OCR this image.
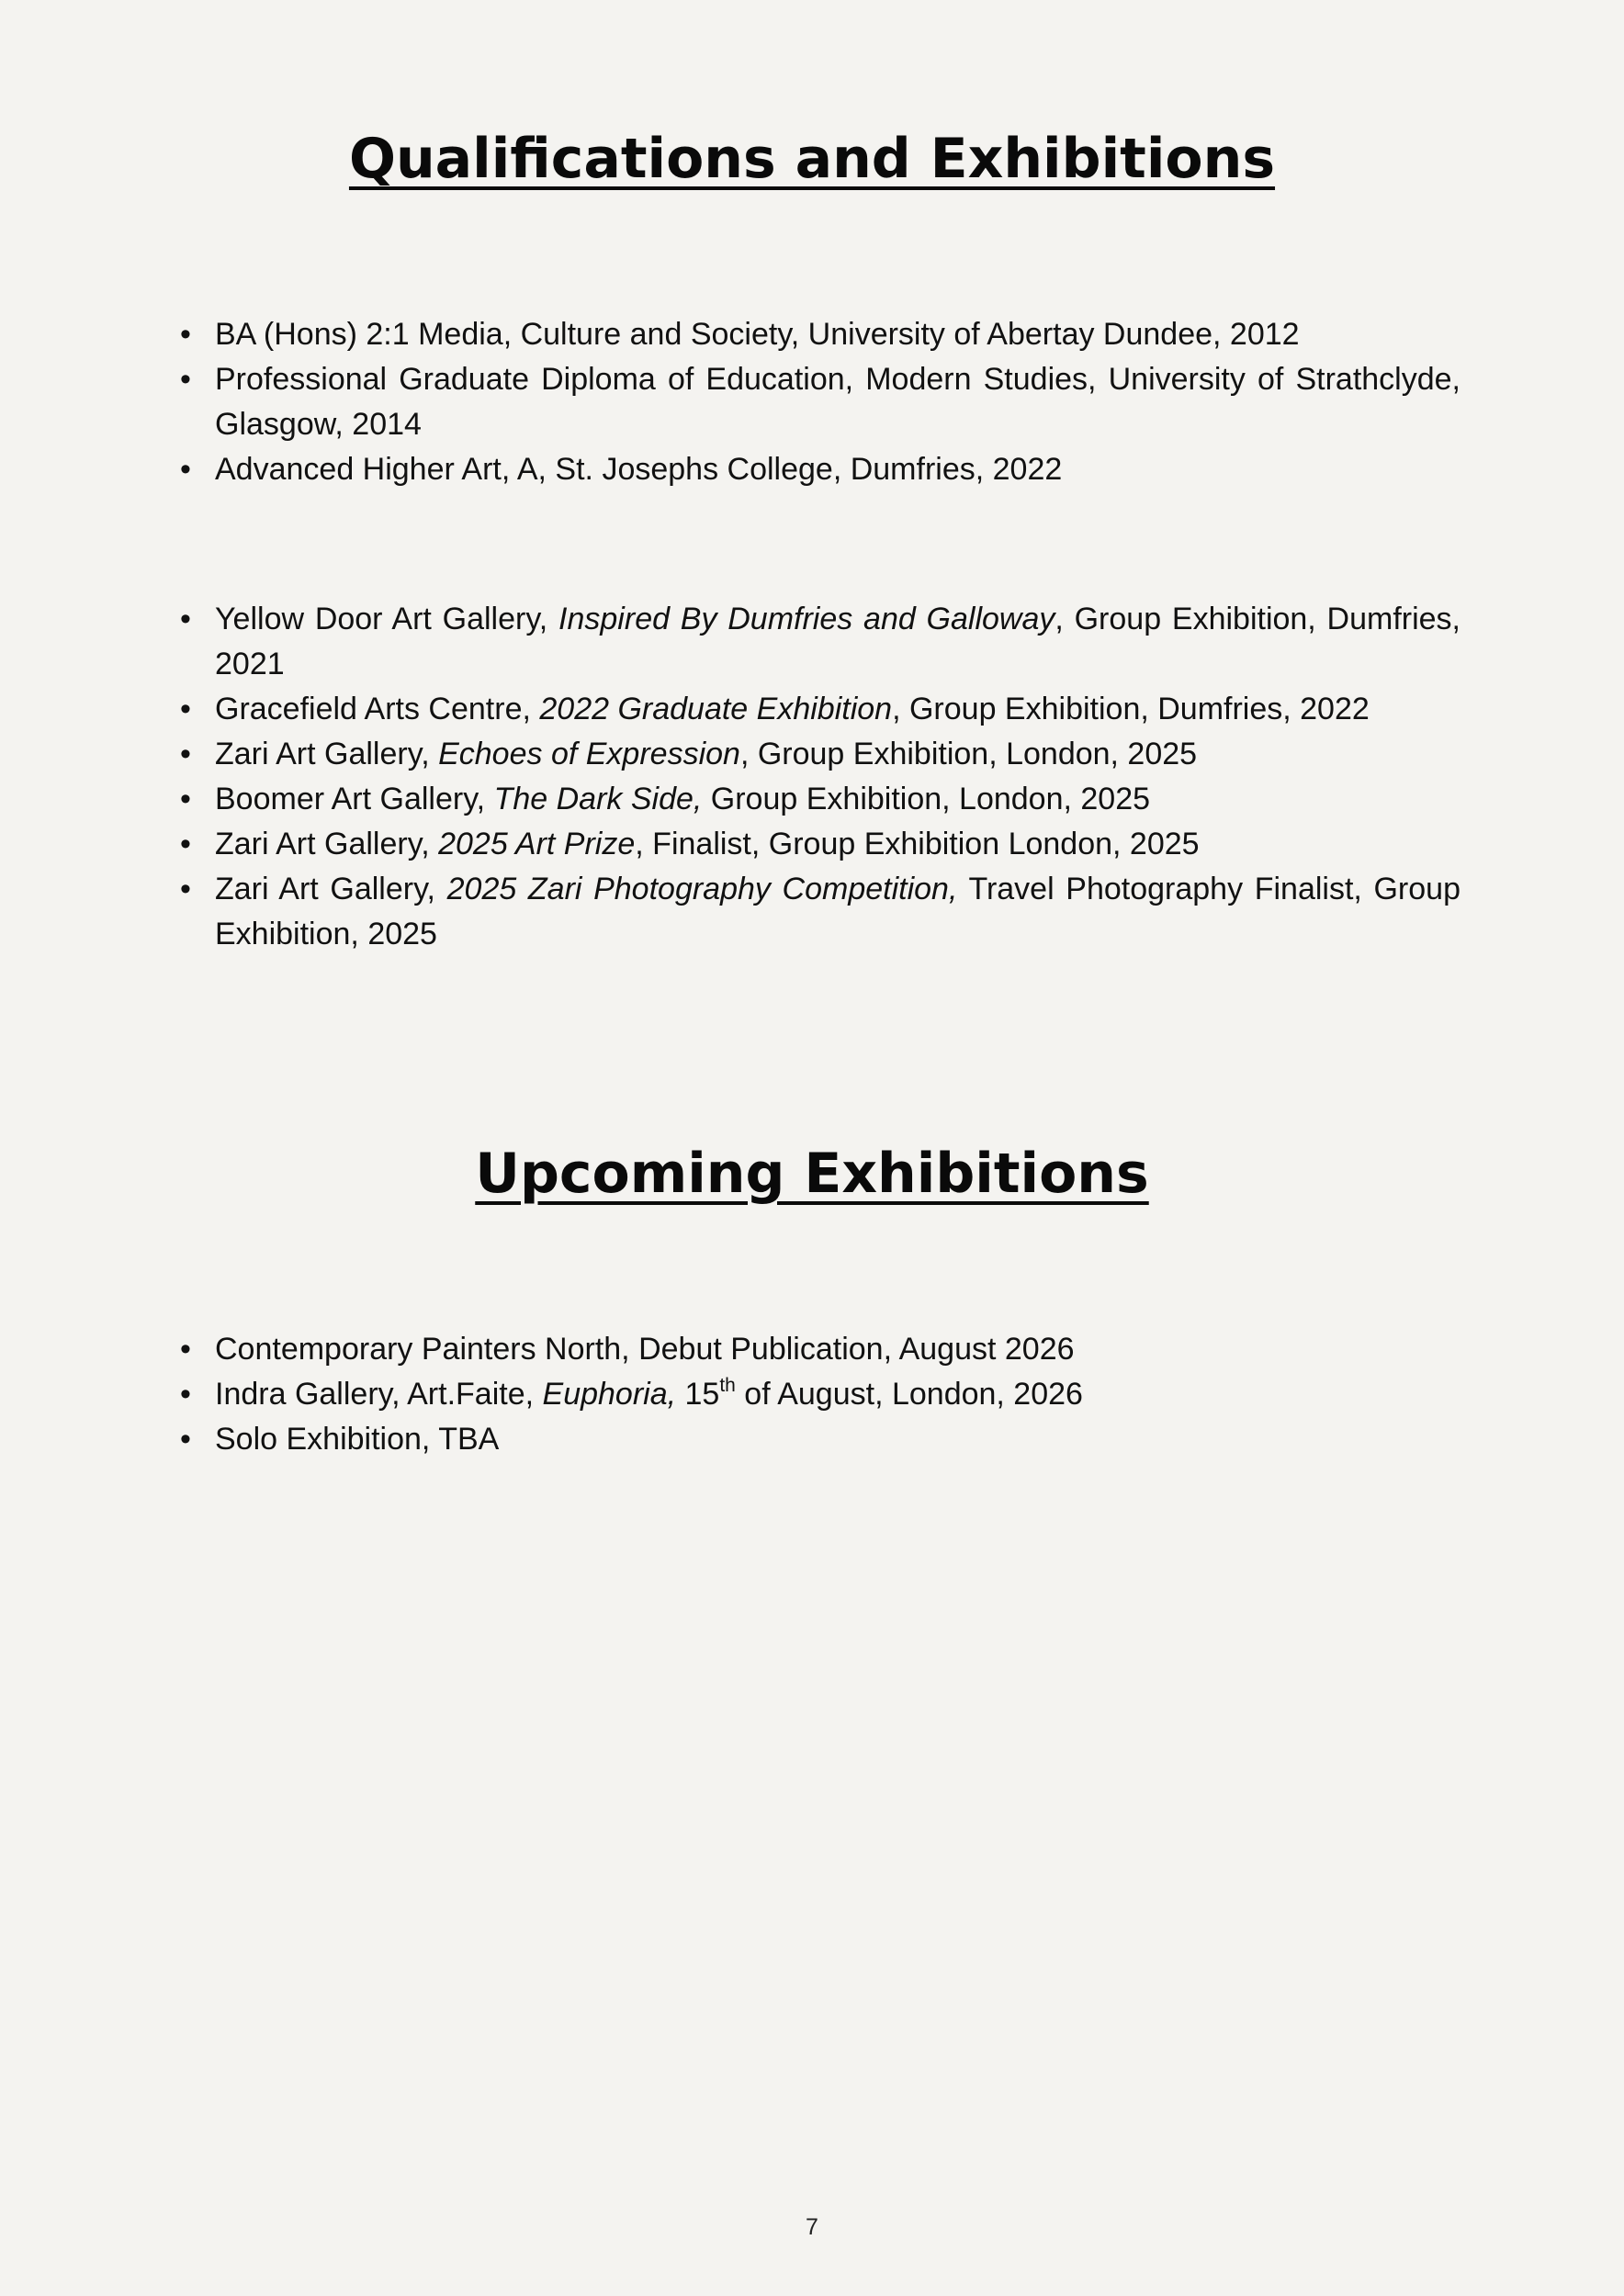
Qualifications and Exhibitions
• BA (Hons) 2:1 Media, Culture and Society, University of Abertay Dundee, 2012
• Professional Graduate Diploma of Education, Modern Studies, University of Strathclyde, Glasgow, 2014
• Advanced Higher Art, A, St. Josephs College, Dumfries, 2022
• Yellow Door Art Gallery, Inspired By Dumfries and Galloway, Group Exhibition, Dumfries, 2021
• Gracefield Arts Centre, 2022 Graduate Exhibition, Group Exhibition, Dumfries, 2022
• Zari Art Gallery, Echoes of Expression, Group Exhibition, London, 2025
• Boomer Art Gallery, The Dark Side, Group Exhibition, London, 2025
• Zari Art Gallery, 2025 Art Prize, Finalist, Group Exhibition London, 2025
• Zari Art Gallery, 2025 Zari Photography Competition, Travel Photography Finalist, Group Exhibition, 2025
Upcoming Exhibitions
• Contemporary Painters North, Debut Publication, August 2026
• Indra Gallery, Art.Faite, Euphoria, 15th of August, London, 2026
• Solo Exhibition, TBA
7
